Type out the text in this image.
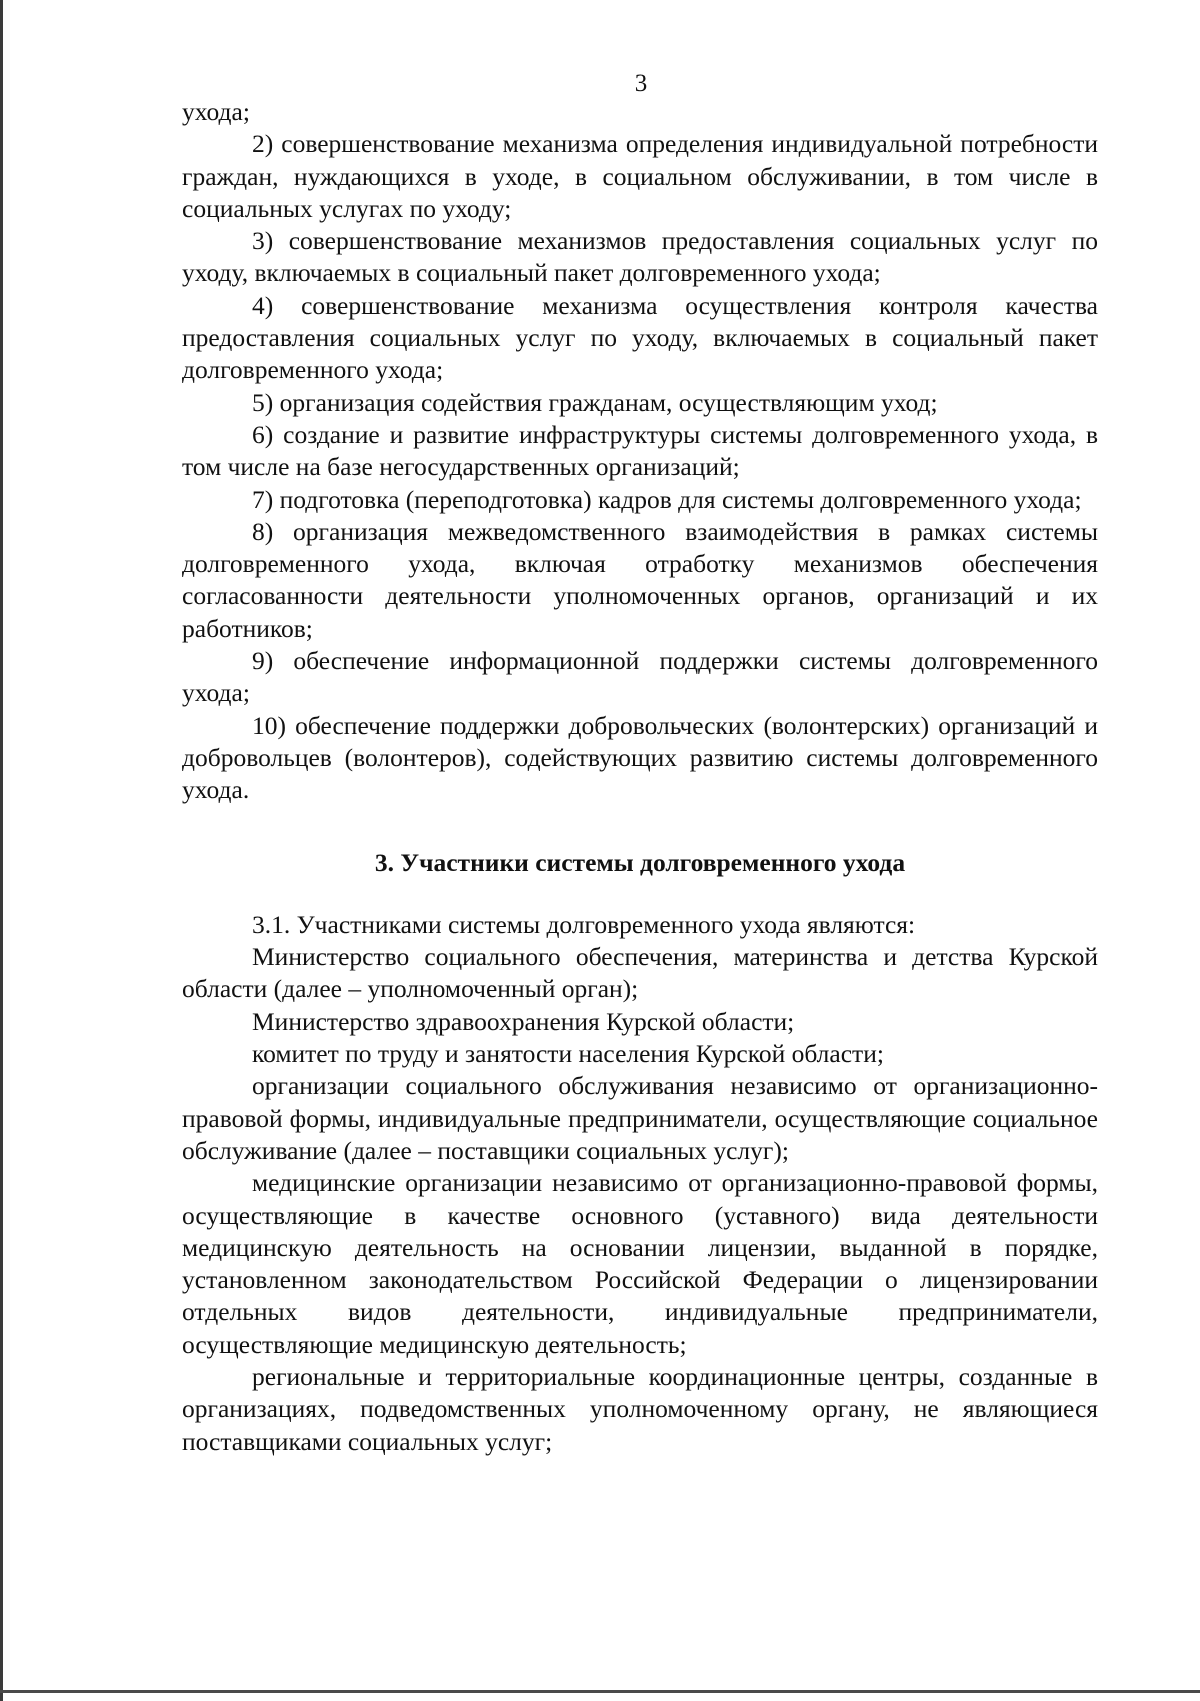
3

ухода;

2) совершенствование механизма определения индивидуальной потребности граждан, нуждающихся в уходе, в социальном обслуживании, в том числе в социальных услугах по уходу;

3) совершенствование механизмов предоставления социальных услуг по уходу, включаемых в социальный пакет долговременного ухода;

4) совершенствование механизма осуществления контроля качества предоставления социальных услуг по уходу, включаемых в социальный пакет долговременного ухода;

5) организация содействия гражданам, осуществляющим уход;

6) создание и развитие инфраструктуры системы долговременного ухода, в том числе на базе негосударственных организаций;

7) подготовка (переподготовка) кадров для системы долговременного ухода;

8) организация межведомственного взаимодействия в рамках системы долговременного ухода, включая отработку механизмов обеспечения согласованности деятельности уполномоченных органов, организаций и их работников;

9) обеспечение информационной поддержки системы долговременного ухода;

10) обеспечение поддержки добровольческих (волонтерских) организаций и добровольцев (волонтеров), содействующих развитию системы долговременного ухода.

3. Участники системы долговременного ухода

3.1. Участниками системы долговременного ухода являются:

Министерство социального обеспечения, материнства и детства Курской области (далее – уполномоченный орган);

Министерство здравоохранения Курской области;

комитет по труду и занятости населения Курской области;

организации социального обслуживания независимо от организационно-правовой формы, индивидуальные предприниматели, осуществляющие социальное обслуживание (далее – поставщики социальных услуг);

медицинские организации независимо от организационно-правовой формы, осуществляющие в качестве основного (уставного) вида деятельности медицинскую деятельность на основании лицензии, выданной в порядке, установленном законодательством Российской Федерации о лицензировании отдельных видов деятельности, индивидуальные предприниматели, осуществляющие медицинскую деятельность;

региональные и территориальные координационные центры, созданные в организациях, подведомственных уполномоченному органу, не являющиеся поставщиками социальных услуг;
